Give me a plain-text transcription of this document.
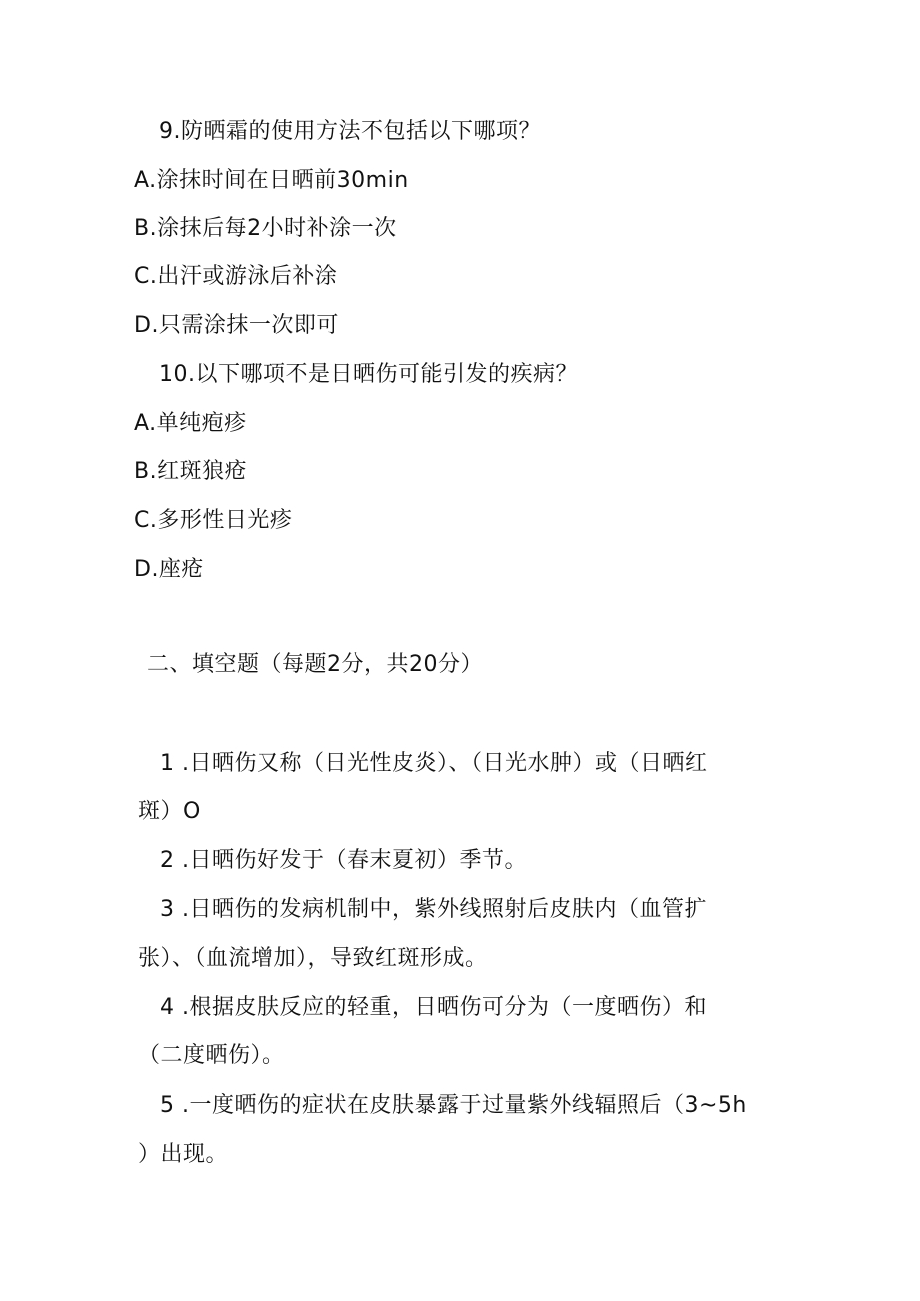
9.防晒霜的使用方法不包括以下哪项？
A.涂抹时间在日晒前30min
B.涂抹后每2小时补涂一次
C.出汗或游泳后补涂
D.只需涂抹一次即可
10.以下哪项不是日晒伤可能引发的疾病？
A.单纯疱疹
B.红斑狼疮
C.多形性日光疹
D.座疮
二、填空题（每题2分，共20分）
1 .日晒伤又称（日光性皮炎）、（日光水肿）或（日晒红
斑）O
2 .日晒伤好发于（春末夏初）季节。
3 .日晒伤的发病机制中，紫外线照射后皮肤内（血管扩
张）、（血流增加），导致红斑形成。
4 .根据皮肤反应的轻重，日晒伤可分为（一度晒伤）和
（二度晒伤）。
5 .一度晒伤的症状在皮肤暴露于过量紫外线辐照后（3~5h
）出现。
